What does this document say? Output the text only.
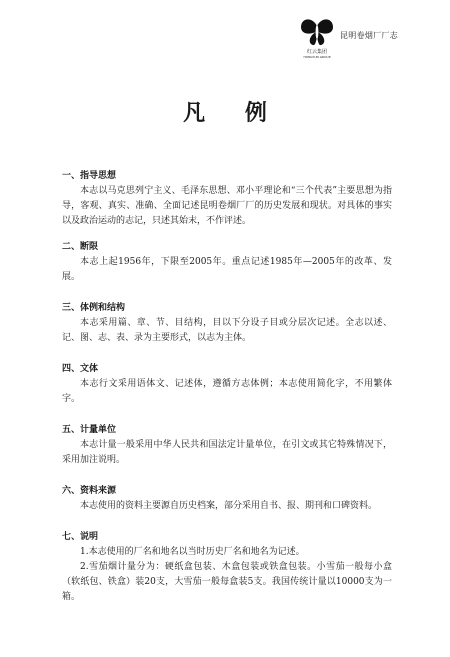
红云集团
HONGYUN GROUP
昆明卷烟厂厂志
凡 例
一、指导思想

本志以马克思列宁主义、毛泽东思想、邓小平理论和“三个代表”主要思想为指导，客观、真实、准确、全面记述昆明卷烟厂厂的历史发展和现状。对具体的事实以及政治运动的志记，只述其始末，不作评述。

二、断限

本志上起1956年，下限至2005年。重点记述1985年—2005年的改革、发展。

三、体例和结构

本志采用篇、章、节、目结构，目以下分设子目或分层次记述。全志以述、记、图、志、表、录为主要形式，以志为主体。

四、文体

本志行文采用语体文、记述体，遵循方志体例；本志使用简化字，不用繁体字。

五、计量单位

本志计量一般采用中华人民共和国法定计量单位，在引文或其它特殊情况下，采用加注说明。

六、资料来源

本志使用的资料主要源自历史档案，部分采用自书、报、期刊和口碑资料。

七、说明

1.本志使用的厂名和地名以当时历史厂名和地名为记述。

2.雪茄烟计量分为：硬纸盒包装、木盒包装或铁盒包装。小雪茄一般每小盒（软纸包、铁盒）装20支，大雪茄一般每盒装5支。我国传统计量以10000支为一箱。
